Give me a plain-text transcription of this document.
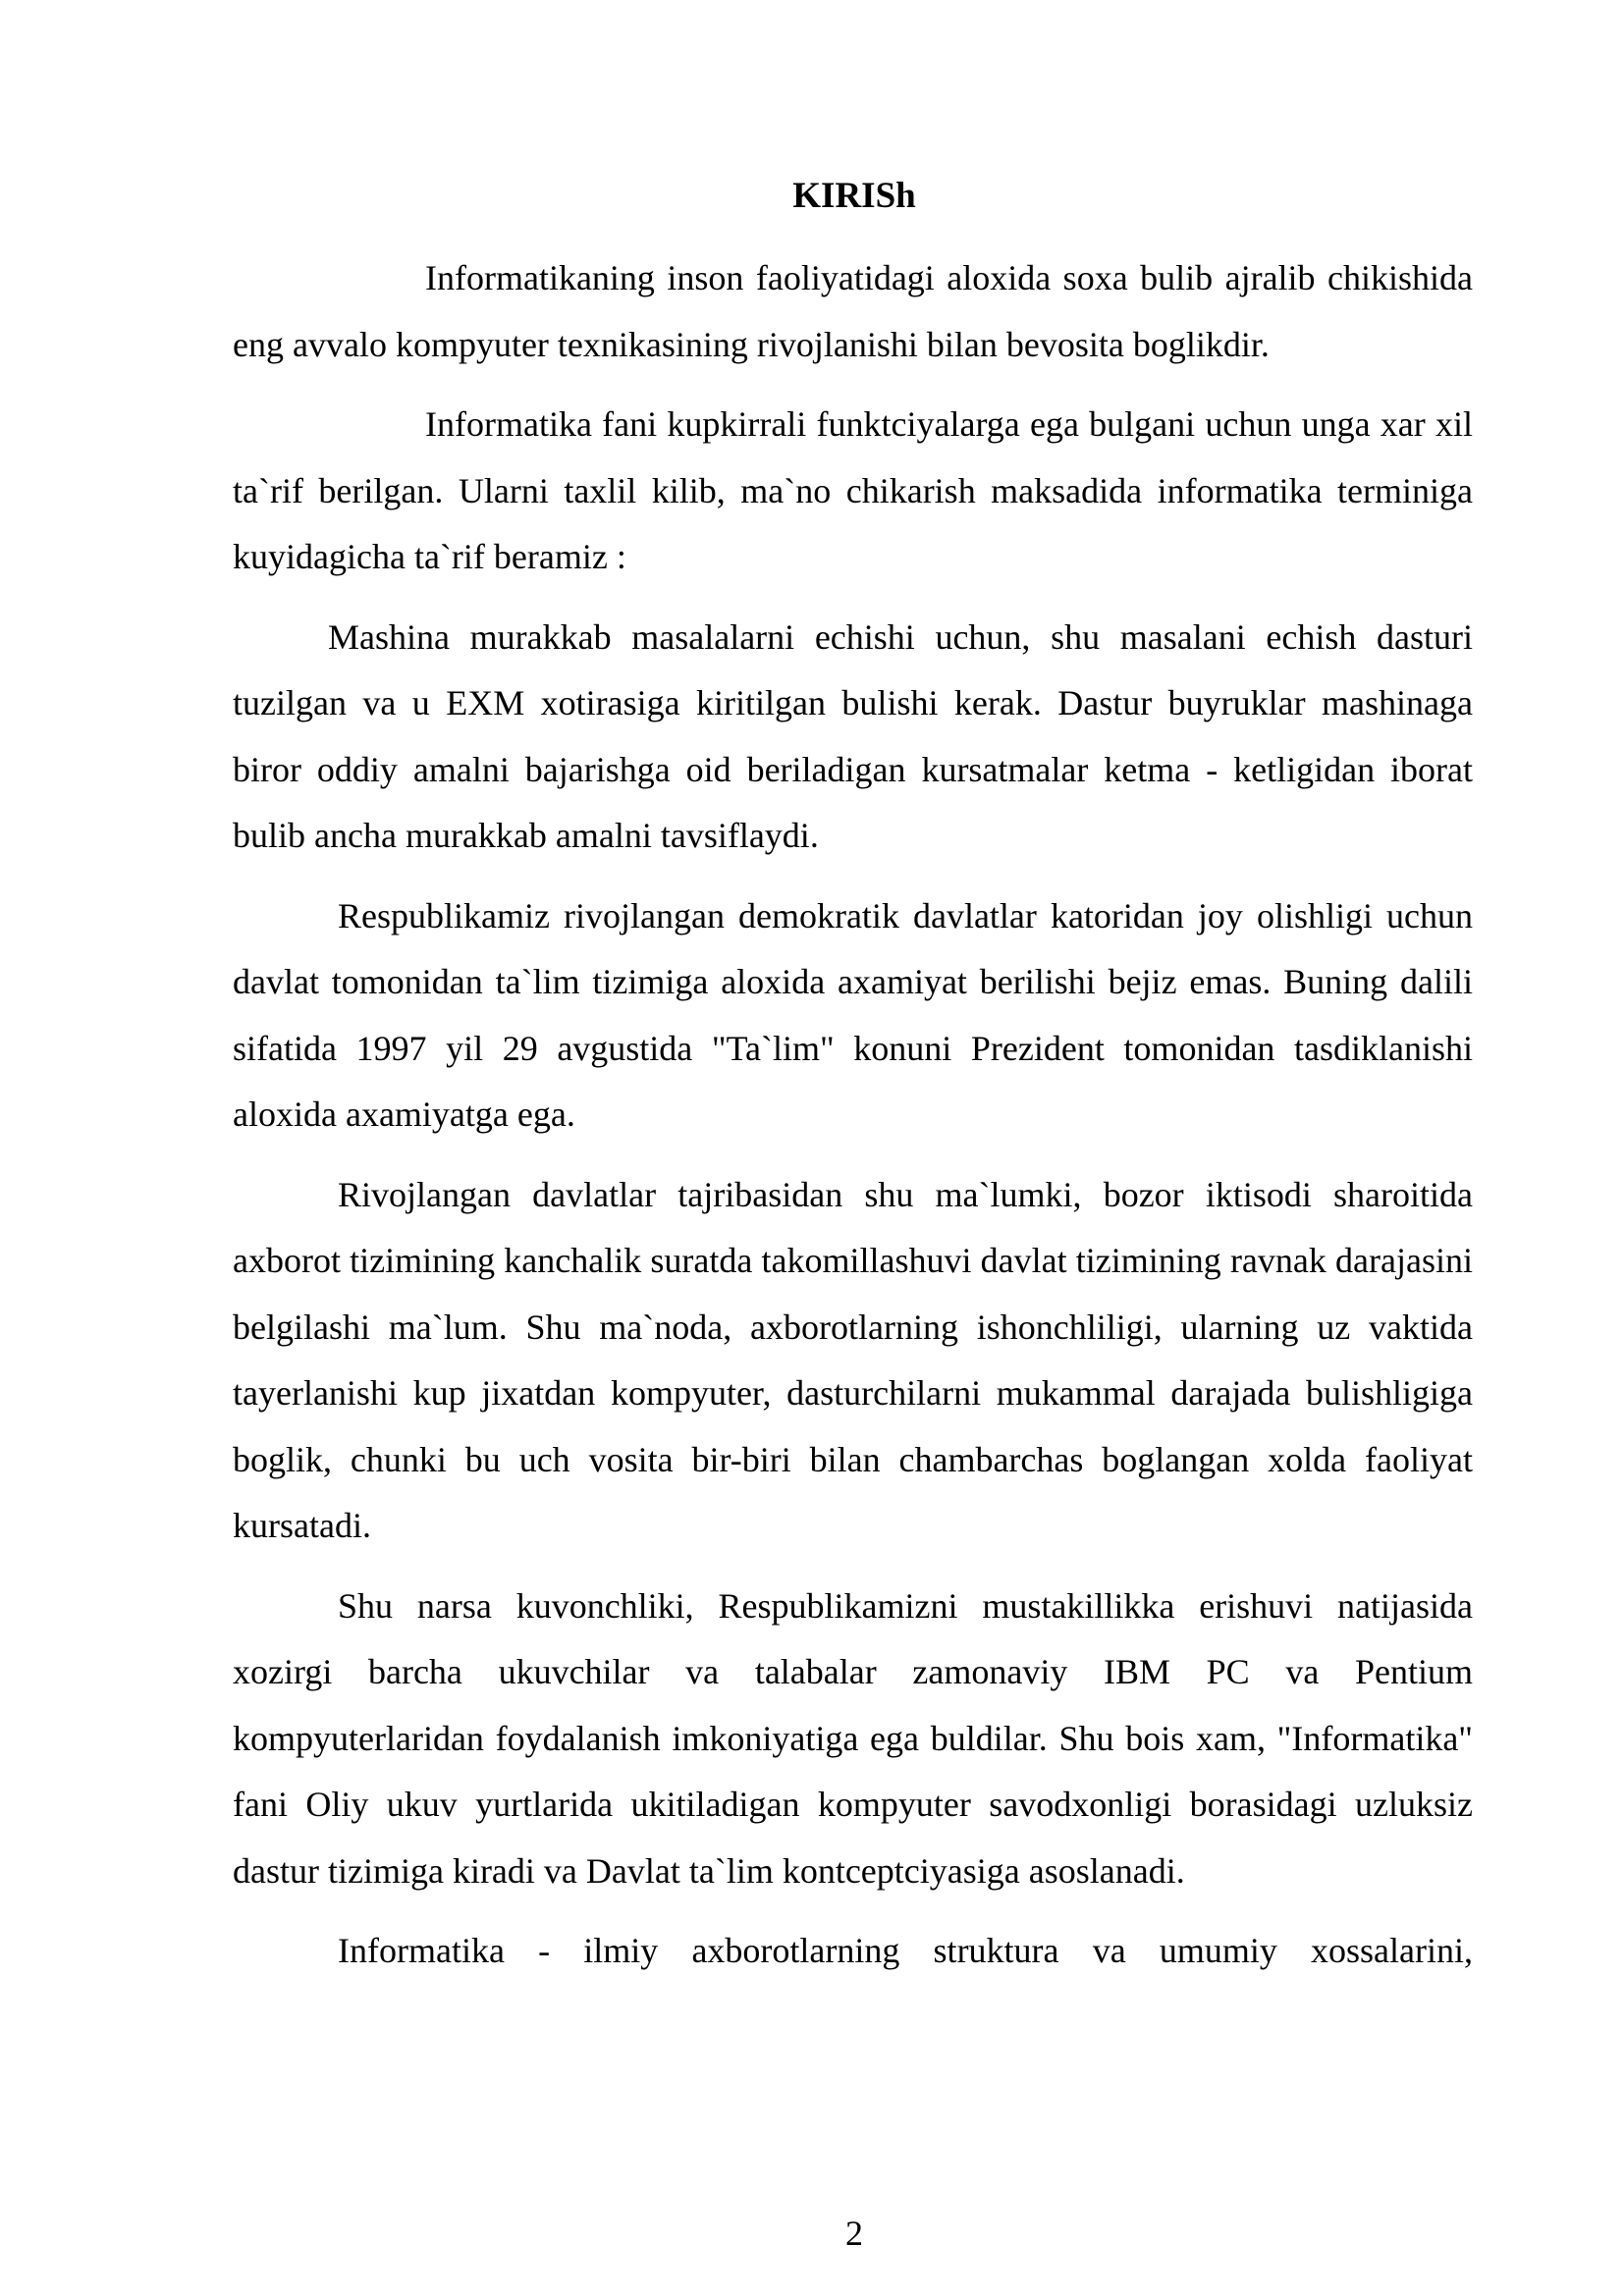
KIRISh

Informatikaning inson faoliyatidagi aloxida soxa bulib ajralib chikishida eng avvalo kompyuter texnikasining rivojlanishi bilan bevosita boglikdir.

Informatika fani kupkirrali funktciyalarga ega bulgani uchun unga xar xil ta`rif berilgan. Ularni taxlil kilib, ma`no chikarish maksadida informatika terminiga kuyidagicha ta`rif beramiz :

Mashina murakkab masalalarni echishi uchun, shu masalani echish dasturi tuzilgan va u EXM xotirasiga kiritilgan bulishi kerak. Dastur buyruklar mashinaga biror oddiy amalni bajarishga oid beriladigan kursatmalar ketma - ketligidan iborat bulib ancha murakkab amalni tavsiflaydi.

Respublikamiz rivojlangan demokratik davlatlar katoridan joy olishligi uchun davlat tomonidan ta`lim tizimiga aloxida axamiyat berilishi bejiz emas. Buning dalili sifatida 1997 yil 29 avgustida "Ta`lim" konuni Prezident tomonidan tasdiklanishi aloxida axamiyatga ega.

Rivojlangan davlatlar tajribasidan shu ma`lumki, bozor iktisodi sharoitida axborot tizimining kanchalik suratda takomillashuvi davlat tizimining ravnak darajasini belgilashi ma`lum. Shu ma`noda, axborotlarning ishonchliligi, ularning uz vaktida tayerlanishi kup jixatdan kompyuter, dasturchilarni mukammal darajada bulishligiga boglik, chunki bu uch vosita bir-biri bilan chambarchas boglangan xolda faoliyat kursatadi.

Shu narsa kuvonchliki, Respublikamizni mustakillikka erishuvi natijasida xozirgi barcha ukuvchilar va talabalar zamonaviy IBM PC va Pentium kompyuterlaridan foydalanish imkoniyatiga ega buldilar. Shu bois xam, "Informatika" fani Oliy ukuv yurtlarida ukitiladigan kompyuter savodxonligi borasidagi uzluksiz dastur tizimiga kiradi va Davlat ta`lim kontceptciyasiga asoslanadi.

Informatika - ilmiy axborotlarning struktura va umumiy xossalarini,

2
